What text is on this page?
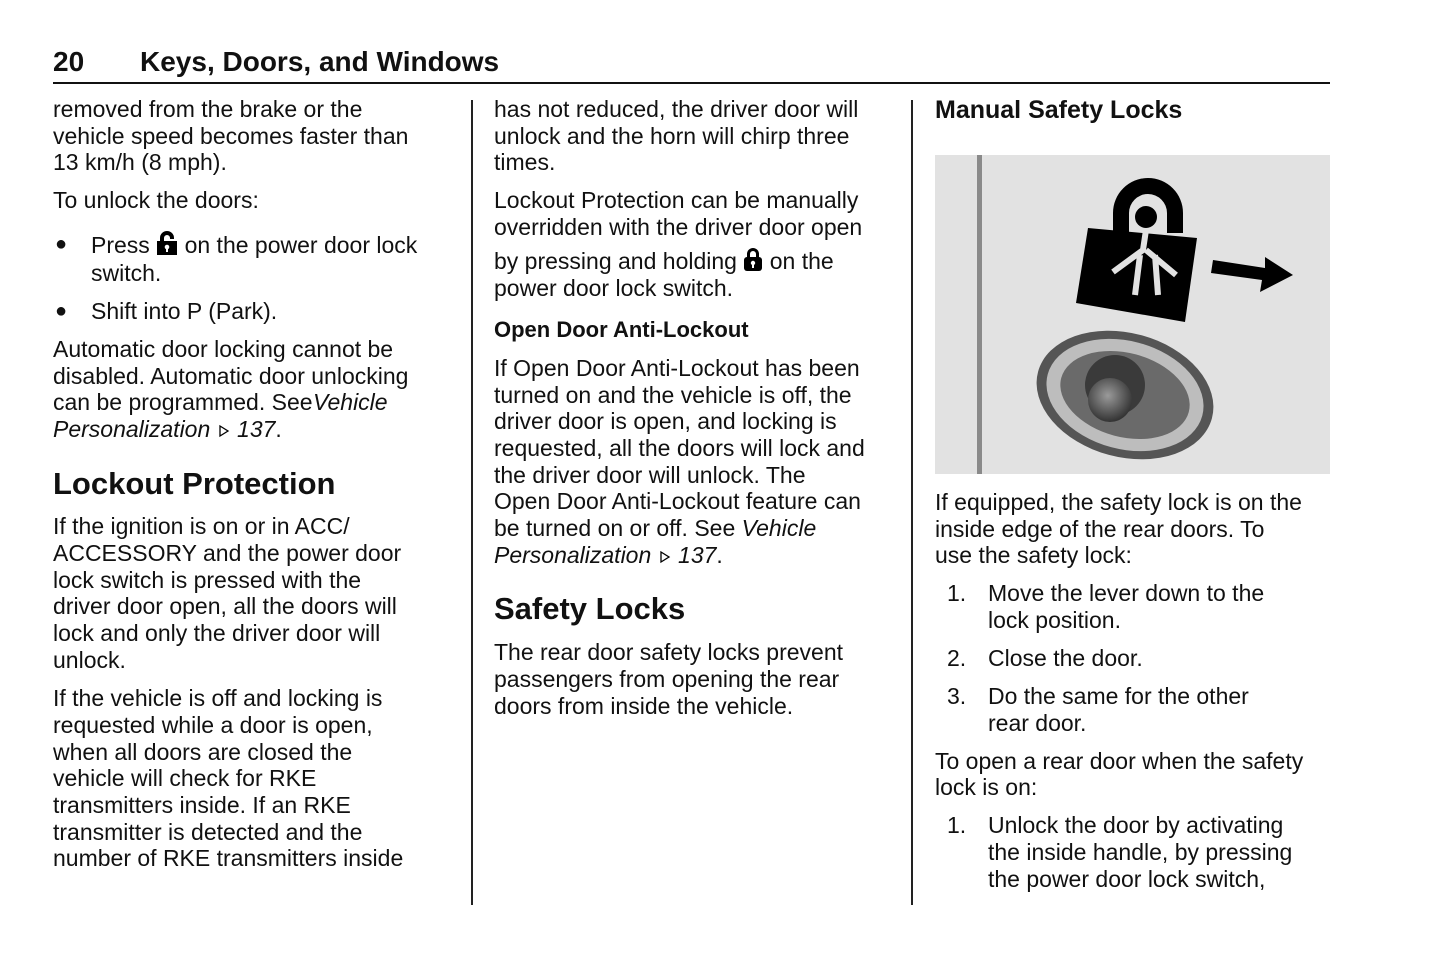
20 Keys, Doors, and Windows
removed from the brake or the
vehicle speed becomes faster than
13 km/h (8 mph).
To unlock the doors:
● Press  on the power door lock
switch.
● Shift into P (Park).
Automatic door locking cannot be
disabled. Automatic door unlocking
can be programmed. See Vehicle
Personalization  137.
Lockout Protection
If the ignition is on or in ACC/
ACCESSORY and the power door
lock switch is pressed with the
driver door open, all the doors will
lock and only the driver door will
unlock.
If the vehicle is off and locking is
requested while a door is open,
when all doors are closed the
vehicle will check for RKE
transmitters inside. If an RKE
transmitter is detected and the
number of RKE transmitters inside
has not reduced, the driver door will
unlock and the horn will chirp three
times.
Lockout Protection can be manually
overridden with the driver door open
by pressing and holding  on the
power door lock switch.
Open Door Anti-Lockout
If Open Door Anti-Lockout has been
turned on and the vehicle is off, the
driver door is open, and locking is
requested, all the doors will lock and
the driver door will unlock. The
Open Door Anti-Lockout feature can
be turned on or off. See Vehicle
Personalization  137.
Safety Locks
The rear door safety locks prevent
passengers from opening the rear
doors from inside the vehicle.
Manual Safety Locks
If equipped, the safety lock is on the
inside edge of the rear doors. To
use the safety lock:
1. Move the lever down to the
lock position.
2. Close the door.
3. Do the same for the other
rear door.
To open a rear door when the safety
lock is on:
1. Unlock the door by activating
the inside handle, by pressing
the power door lock switch,
